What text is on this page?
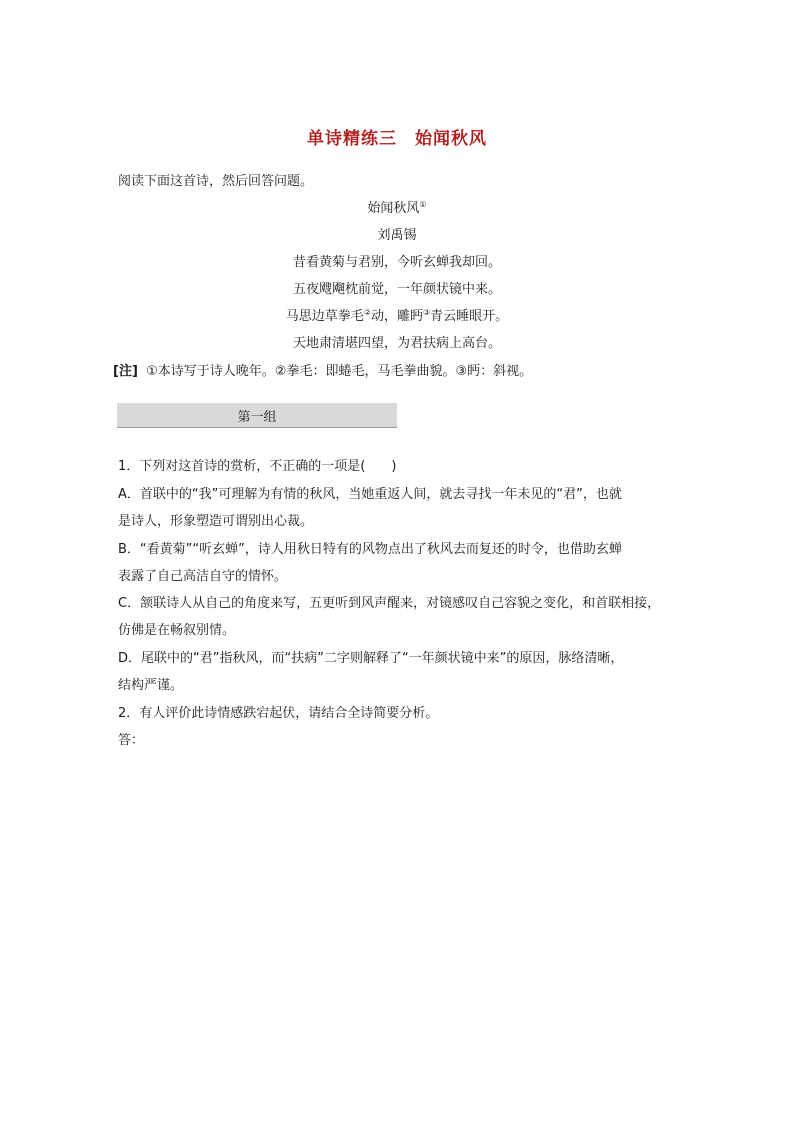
单诗精练三 始闻秋风
阅读下面这首诗，然后回答问题。
始闻秋风①
刘禹锡
昔看黄菊与君别，今听玄蝉我却回。
五夜飕飗枕前觉，一年颜状镜中来。
马思边草拳毛②动，雕眄③青云睡眼开。
天地肃清堪四望，为君扶病上高台。
[注] ①本诗写于诗人晚年。②拳毛：即蜷毛，马毛拳曲貌。③眄：斜视。
第一组
1．下列对这首诗的赏析，不正确的一项是(　　)
A．首联中的“我”可理解为有情的秋风，当她重返人间，就去寻找一年未见的“君”，也就
是诗人，形象塑造可谓别出心裁。
B．“看黄菊”“听玄蝉”，诗人用秋日特有的风物点出了秋风去而复还的时令，也借助玄蝉
表露了自己高洁自守的情怀。
C．颔联诗人从自己的角度来写，五更听到风声醒来，对镜感叹自己容貌之变化，和首联相接，
仿佛是在畅叙别情。
D．尾联中的“君”指秋风，而“扶病”二字则解释了“一年颜状镜中来”的原因，脉络清晰，
结构严谨。
2．有人评价此诗情感跌宕起伏，请结合全诗简要分析。
答：
